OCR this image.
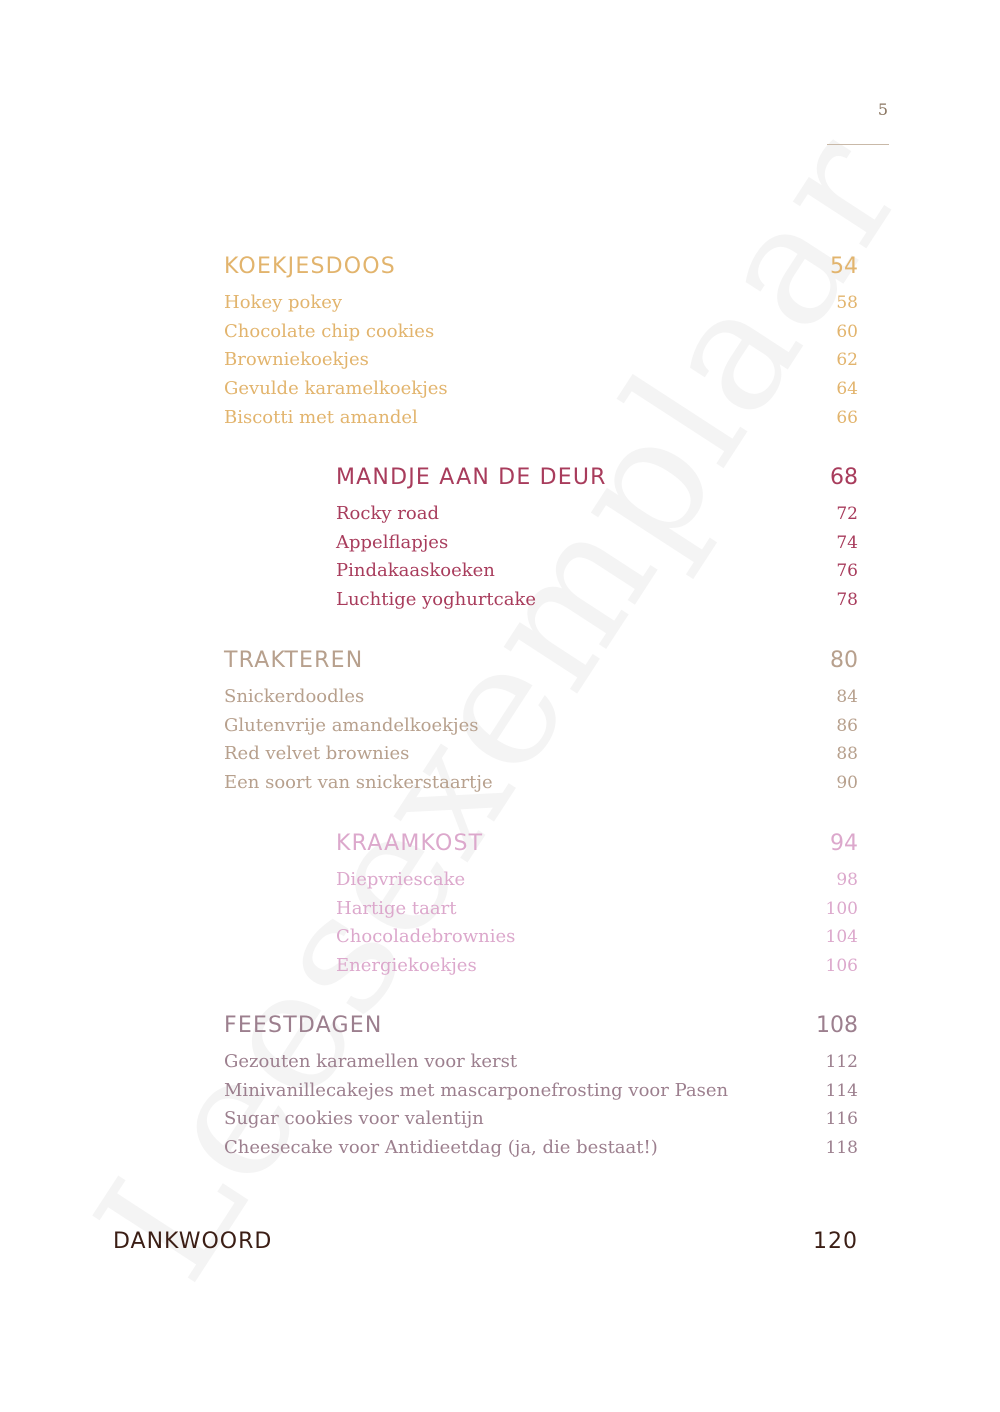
5
KOEKJESDOOS	54
Hokey pokey	58
Chocolate chip cookies	60
Browniekoekjes	62
Gevulde karamelkoekjes	64
Biscotti met amandel	66
MANDJE AAN DE DEUR	68
Rocky road	72
Appelflapjes	74
Pindakaaskoeken	76
Luchtige yoghurtcake	78
TRAKTEREN	80
Snickerdoodles	84
Glutenvrije amandelkoekjes	86
Red velvet brownies	88
Een soort van snickerstaartje	90
KRAAMKOST	94
Diepvriescake	98
Hartige taart	100
Chocoladebrownies	104
Energiekoekjes	106
FEESTDAGEN	108
Gezouten karamellen voor kerst	112
Minivanillecakejes met mascarponefrosting voor Pasen	114
Sugar cookies voor valentijn	116
Cheesecake voor Antidieetdag (ja, die bestaat!)	118
DANKWOORD	120
